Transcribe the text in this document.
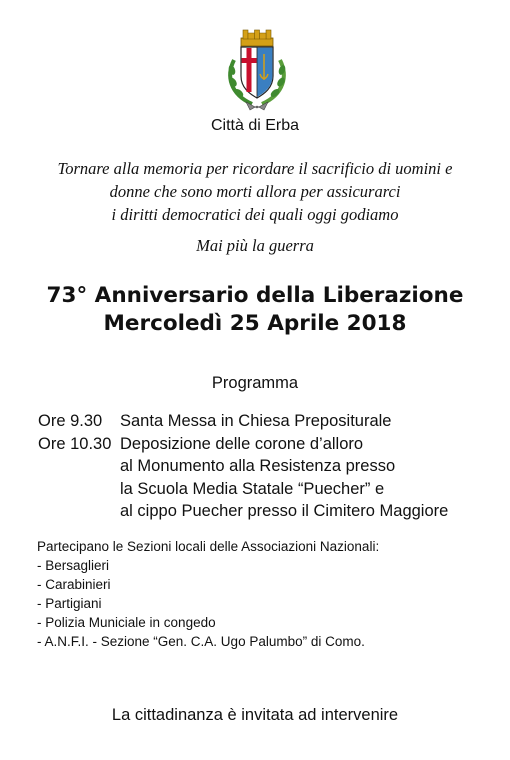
Città di Erba
Tornare alla memoria per ricordare il sacrificio di uomini e
donne che sono morti allora per assicurarci
i diritti democratici dei quali oggi godiamo
Mai più la guerra
73° Anniversario della Liberazione
Mercoledì 25 Aprile 2018
Programma
Ore 9.30	Santa Messa in Chiesa Prepositurale
Ore 10.30 Deposizione delle corone d’alloro
al Monumento alla Resistenza presso
la Scuola Media Statale “Puecher” e
al cippo Puecher presso il Cimitero Maggiore
Partecipano le Sezioni locali delle Associazioni Nazionali:
- Bersaglieri
- Carabinieri
- Partigiani
- Polizia Municiale in congedo
- A.N.F.I. - Sezione “Gen. C.A. Ugo Palumbo” di Como.
La cittadinanza è invitata ad intervenire
